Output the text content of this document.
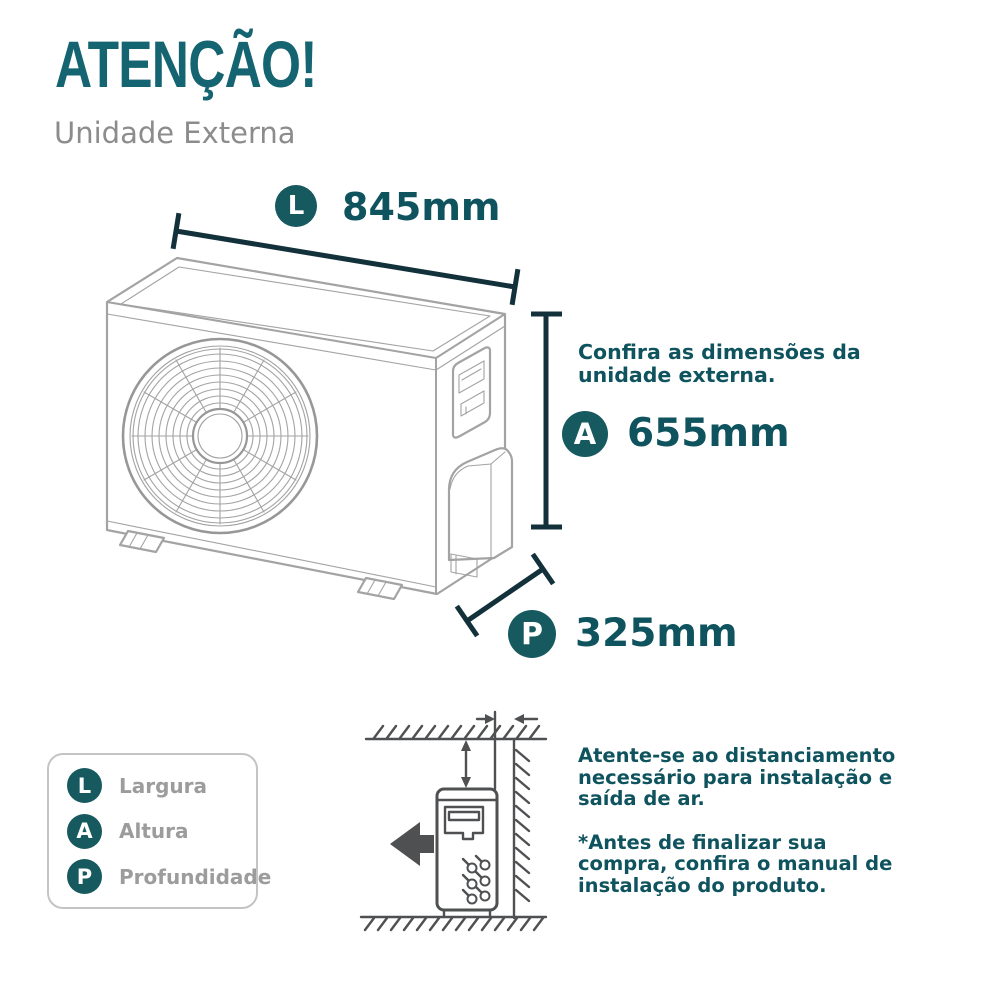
ATENÇÃO!
Unidade Externa
L 845mm
A 655mm
P 325mm
Confira as dimensões da
unidade externa.
L	Largura
A	Altura
P	Profundidade
Atente-se ao distanciamento
necessário para instalação e
saída de ar.
*Antes de finalizar sua
compra, confira o manual de
instalação do produto.
